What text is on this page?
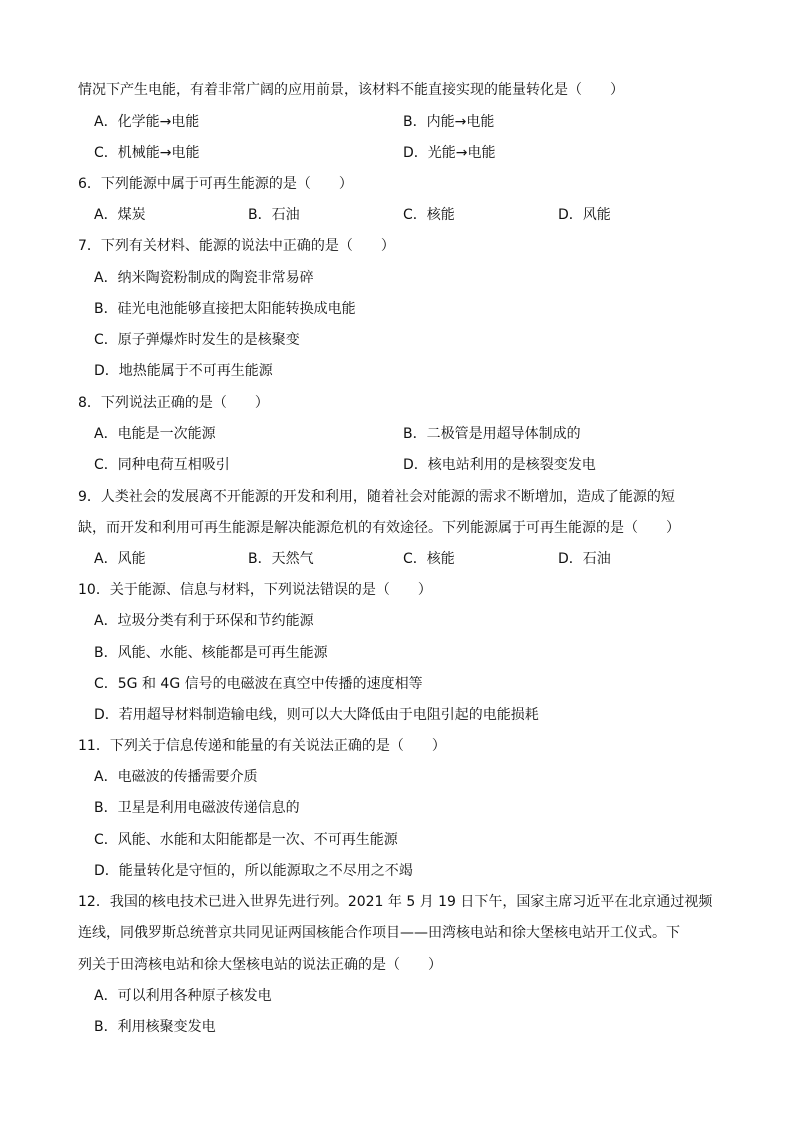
情况下产生电能，有着非常广阔的应用前景，该材料不能直接实现的能量转化是（　　）
A．化学能→电能	B．内能→电能
C．机械能→电能	D．光能→电能
6．下列能源中属于可再生能源的是（　　）
A．煤炭	B．石油	C．核能	D．风能
7．下列有关材料、能源的说法中正确的是（　　）
A．纳米陶瓷粉制成的陶瓷非常易碎
B．硅光电池能够直接把太阳能转换成电能
C．原子弹爆炸时发生的是核聚变
D．地热能属于不可再生能源
8．下列说法正确的是（　　）
A．电能是一次能源	B．二极管是用超导体制成的
C．同种电荷互相吸引	D．核电站利用的是核裂变发电
9．人类社会的发展离不开能源的开发和利用，随着社会对能源的需求不断增加，造成了能源的短
缺，而开发和利用可再生能源是解决能源危机的有效途径。下列能源属于可再生能源的是（　　）
A．风能	B．天然气	C．核能	D．石油
10．关于能源、信息与材料，下列说法错误的是（　　）
A．垃圾分类有利于环保和节约能源
B．风能、水能、核能都是可再生能源
C．5G 和 4G 信号的电磁波在真空中传播的速度相等
D．若用超导材料制造输电线，则可以大大降低由于电阻引起的电能损耗
11．下列关于信息传递和能量的有关说法正确的是（　　）
A．电磁波的传播需要介质
B．卫星是利用电磁波传递信息的
C．风能、水能和太阳能都是一次、不可再生能源
D．能量转化是守恒的，所以能源取之不尽用之不竭
12．我国的核电技术已进入世界先进行列。2021 年 5 月 19 日下午，国家主席习近平在北京通过视频
连线，同俄罗斯总统普京共同见证两国核能合作项目——田湾核电站和徐大堡核电站开工仪式。下
列关于田湾核电站和徐大堡核电站的说法正确的是（　　）
A．可以利用各种原子核发电
B．利用核聚变发电
